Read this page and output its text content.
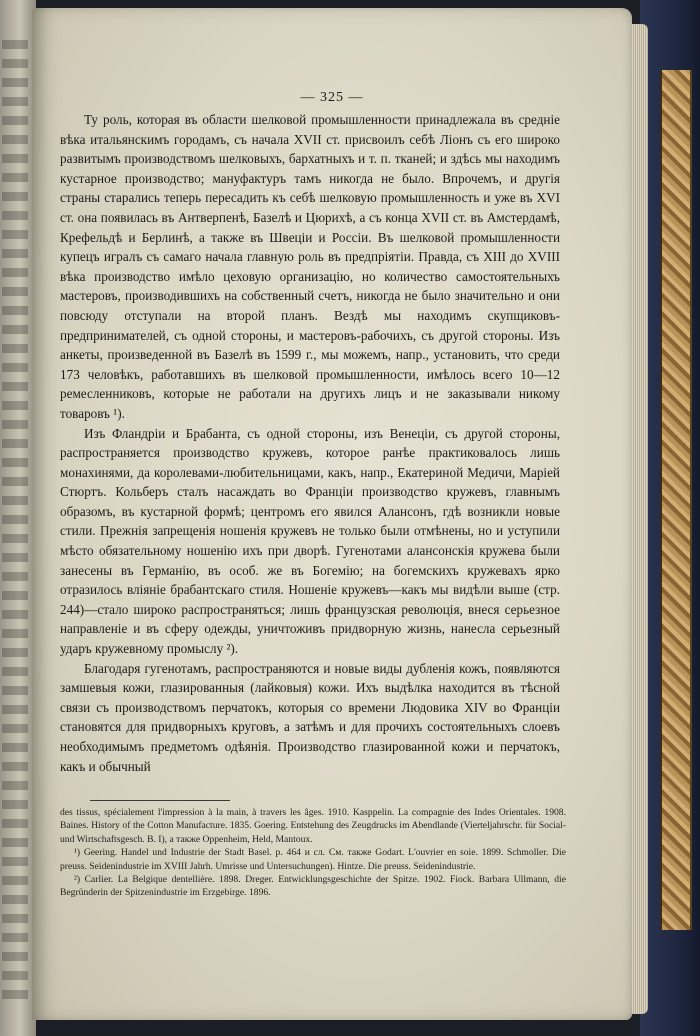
— 325 —

Ту роль, которая въ области шелковой промышленности принадлежала въ средніе вѣка итальянскимъ городамъ, съ начала XVII ст. присвоилъ себѣ Ліонъ съ его широко развитымъ производствомъ шелковыхъ, бархатныхъ и т. п. тканей; и здѣсь мы находимъ кустарное производство; мануфактуръ тамъ никогда не было. Впрочемъ, и другія страны старались теперь пересадить къ себѣ шелковую промышленность и уже въ XVI ст. она появилась въ Антверпенѣ, Базелѣ и Цюрихѣ, а съ конца XVII ст. въ Амстердамѣ, Крефельдѣ и Берлинѣ, а также въ Швеціи и Россіи. Въ шелковой промышленности купецъ игралъ съ самаго начала главную роль въ предпріятіи. Правда, съ XIII до XVIII вѣка производство имѣло цеховую организацію, но количество самостоятельныхъ мастеровъ, производившихъ на собственный счетъ, никогда не было значительно и они повсюду отступали на второй планъ. Вездѣ мы находимъ скупщиковъ-предпринимателей, съ одной стороны, и мастеровъ-рабочихъ, съ другой стороны. Изъ анкеты, произведенной въ Базелѣ въ 1599 г., мы можемъ, напр., установить, что среди 173 человѣкъ, работавшихъ въ шелковой промышленности, имѣлось всего 10—12 ремесленниковъ, которые не работали на другихъ лицъ и не заказывали никому товаровъ ¹).

Изъ Фландріи и Брабанта, съ одной стороны, изъ Венеціи, съ другой стороны, распространяется производство кружевъ, которое ранѣе практиковалось лишь монахинями, да королевами-любительницами, какъ, напр., Екатериной Медичи, Маріей Стюртъ. Кольберъ сталъ насаждать во Франціи производство кружевъ, главнымъ образомъ, въ кустарной формѣ; центромъ его явился Алансонъ, гдѣ возникли новые стили. Прежнія запрещенія ношенія кружевъ не только были отмѣнены, но и уступили мѣсто обязательному ношенію ихъ при дворѣ. Гугенотами алансонскія кружева были занесены въ Германію, въ особ. же въ Богемію; на богемскихъ кружевахъ ярко отразилось вліяніе брабантскаго стиля. Ношеніе кружевъ—какъ мы видѣли выше (стр. 244)—стало широко распространяться; лишь французская революція, внеся серьезное направленіе и въ сферу одежды, уничтоживъ придворную жизнь, нанесла серьезный ударъ кружевному промыслу ²).

Благодаря гугенотамъ, распространяются и новые виды дубленія кожъ, появляются замшевыя кожи, глазированныя (лайковыя) кожи. Ихъ выдѣлка находится въ тѣсной связи съ производствомъ перчатокъ, которыя со времени Людовика XIV во Франціи становятся для придворныхъ круговъ, а затѣмъ и для прочихъ состоятельныхъ слоевъ необходимымъ предметомъ одѣянія. Производство глазированной кожи и перчатокъ, какъ и обычный

des tissus, spécialement l'impression à la main, à travers les âges. 1910. Kasppelin. La compagnie des Indes Orientales. 1908. Baines. History of the Cotton Manufacture. 1835. Goering. Entstehung des Zeugdrucks im Abendlande (Vierteljahrschr. für Social- und Wirtschaftsgesch. B. I), а также Oppenheim, Held, Mantoux.

¹) Geering. Handel und Industrie der Stadt Basel. p. 464 и сл. См. также Godart. L'ouvrier en soie. 1899. Schmoller. Die preuss. Seidenindustrie im XVIII Jahrh. Umrisse und Untersuchungen). Hintze. Die preuss. Seidenindustrie.

²) Carlier. La Belgique dentellière. 1898. Dreger. Entwicklungsgeschichte der Spitze. 1902. Fiock. Barbara Ullmann, die Begründerin der Spitzenindustrie im Erzgebirge. 1896.
